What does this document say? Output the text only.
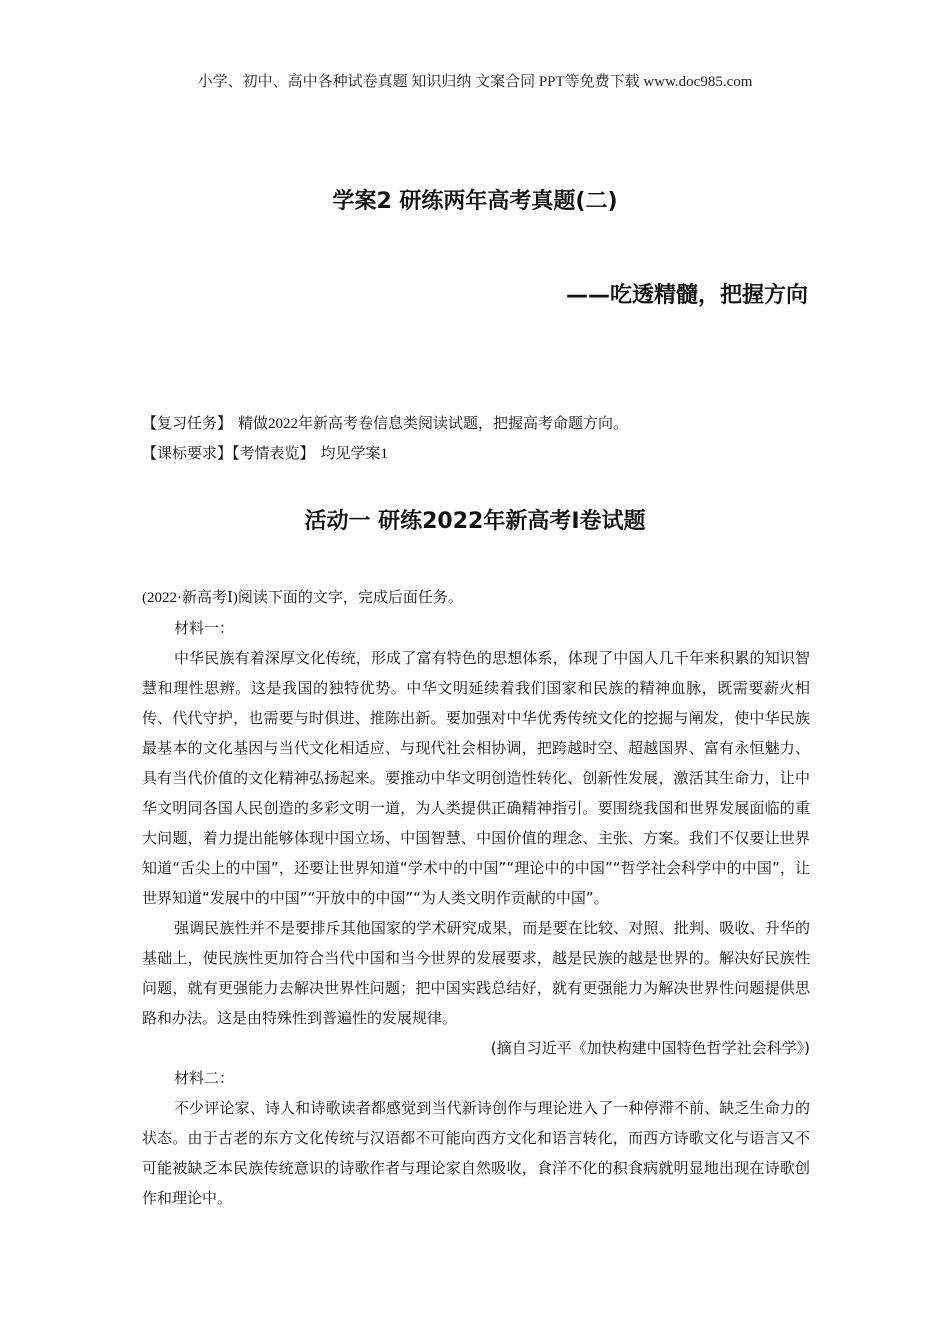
小学、初中、高中各种试卷真题 知识归纳 文案合同 PPT等免费下载 www.doc985.com
学案2 研练两年高考真题(二)
——吃透精髓，把握方向
【复习任务】 精做2022年新高考卷信息类阅读试题，把握高考命题方向。
【课标要求】【考情表览】 均见学案1
活动一 研练2022年新高考Ⅰ卷试题

(2022·新高考Ⅰ)阅读下面的文字，完成后面任务。

材料一：

中华民族有着深厚文化传统，形成了富有特色的思想体系，体现了中国人几千年来积累的知识智慧和理性思辨。这是我国的独特优势。中华文明延续着我们国家和民族的精神血脉，既需要薪火相传、代代守护，也需要与时俱进、推陈出新。要加强对中华优秀传统文化的挖掘与阐发，使中华民族最基本的文化基因与当代文化相适应、与现代社会相协调，把跨越时空、超越国界、富有永恒魅力、具有当代价值的文化精神弘扬起来。要推动中华文明创造性转化、创新性发展，激活其生命力，让中华文明同各国人民创造的多彩文明一道，为人类提供正确精神指引。要围绕我国和世界发展面临的重大问题，着力提出能够体现中国立场、中国智慧、中国价值的理念、主张、方案。我们不仅要让世界知道“舌尖上的中国”，还要让世界知道“学术中的中国”“理论中的中国”“哲学社会科学中的中国”，让世界知道“发展中的中国”“开放中的中国”“为人类文明作贡献的中国”。

强调民族性并不是要排斥其他国家的学术研究成果，而是要在比较、对照、批判、吸收、升华的基础上，使民族性更加符合当代中国和当今世界的发展要求，越是民族的越是世界的。解决好民族性问题，就有更强能力去解决世界性问题；把中国实践总结好，就有更强能力为解决世界性问题提供思路和办法。这是由特殊性到普遍性的发展规律。

(摘自习近平《加快构建中国特色哲学社会科学》)

材料二：

不少评论家、诗人和诗歌读者都感觉到当代新诗创作与理论进入了一种停滞不前、缺乏生命力的状态。由于古老的东方文化传统与汉语都不可能向西方文化和语言转化，而西方诗歌文化与语言又不可能被缺乏本民族传统意识的诗歌作者与理论家自然吸收，食洋不化的积食病就明显地出现在诗歌创作和理论中。
